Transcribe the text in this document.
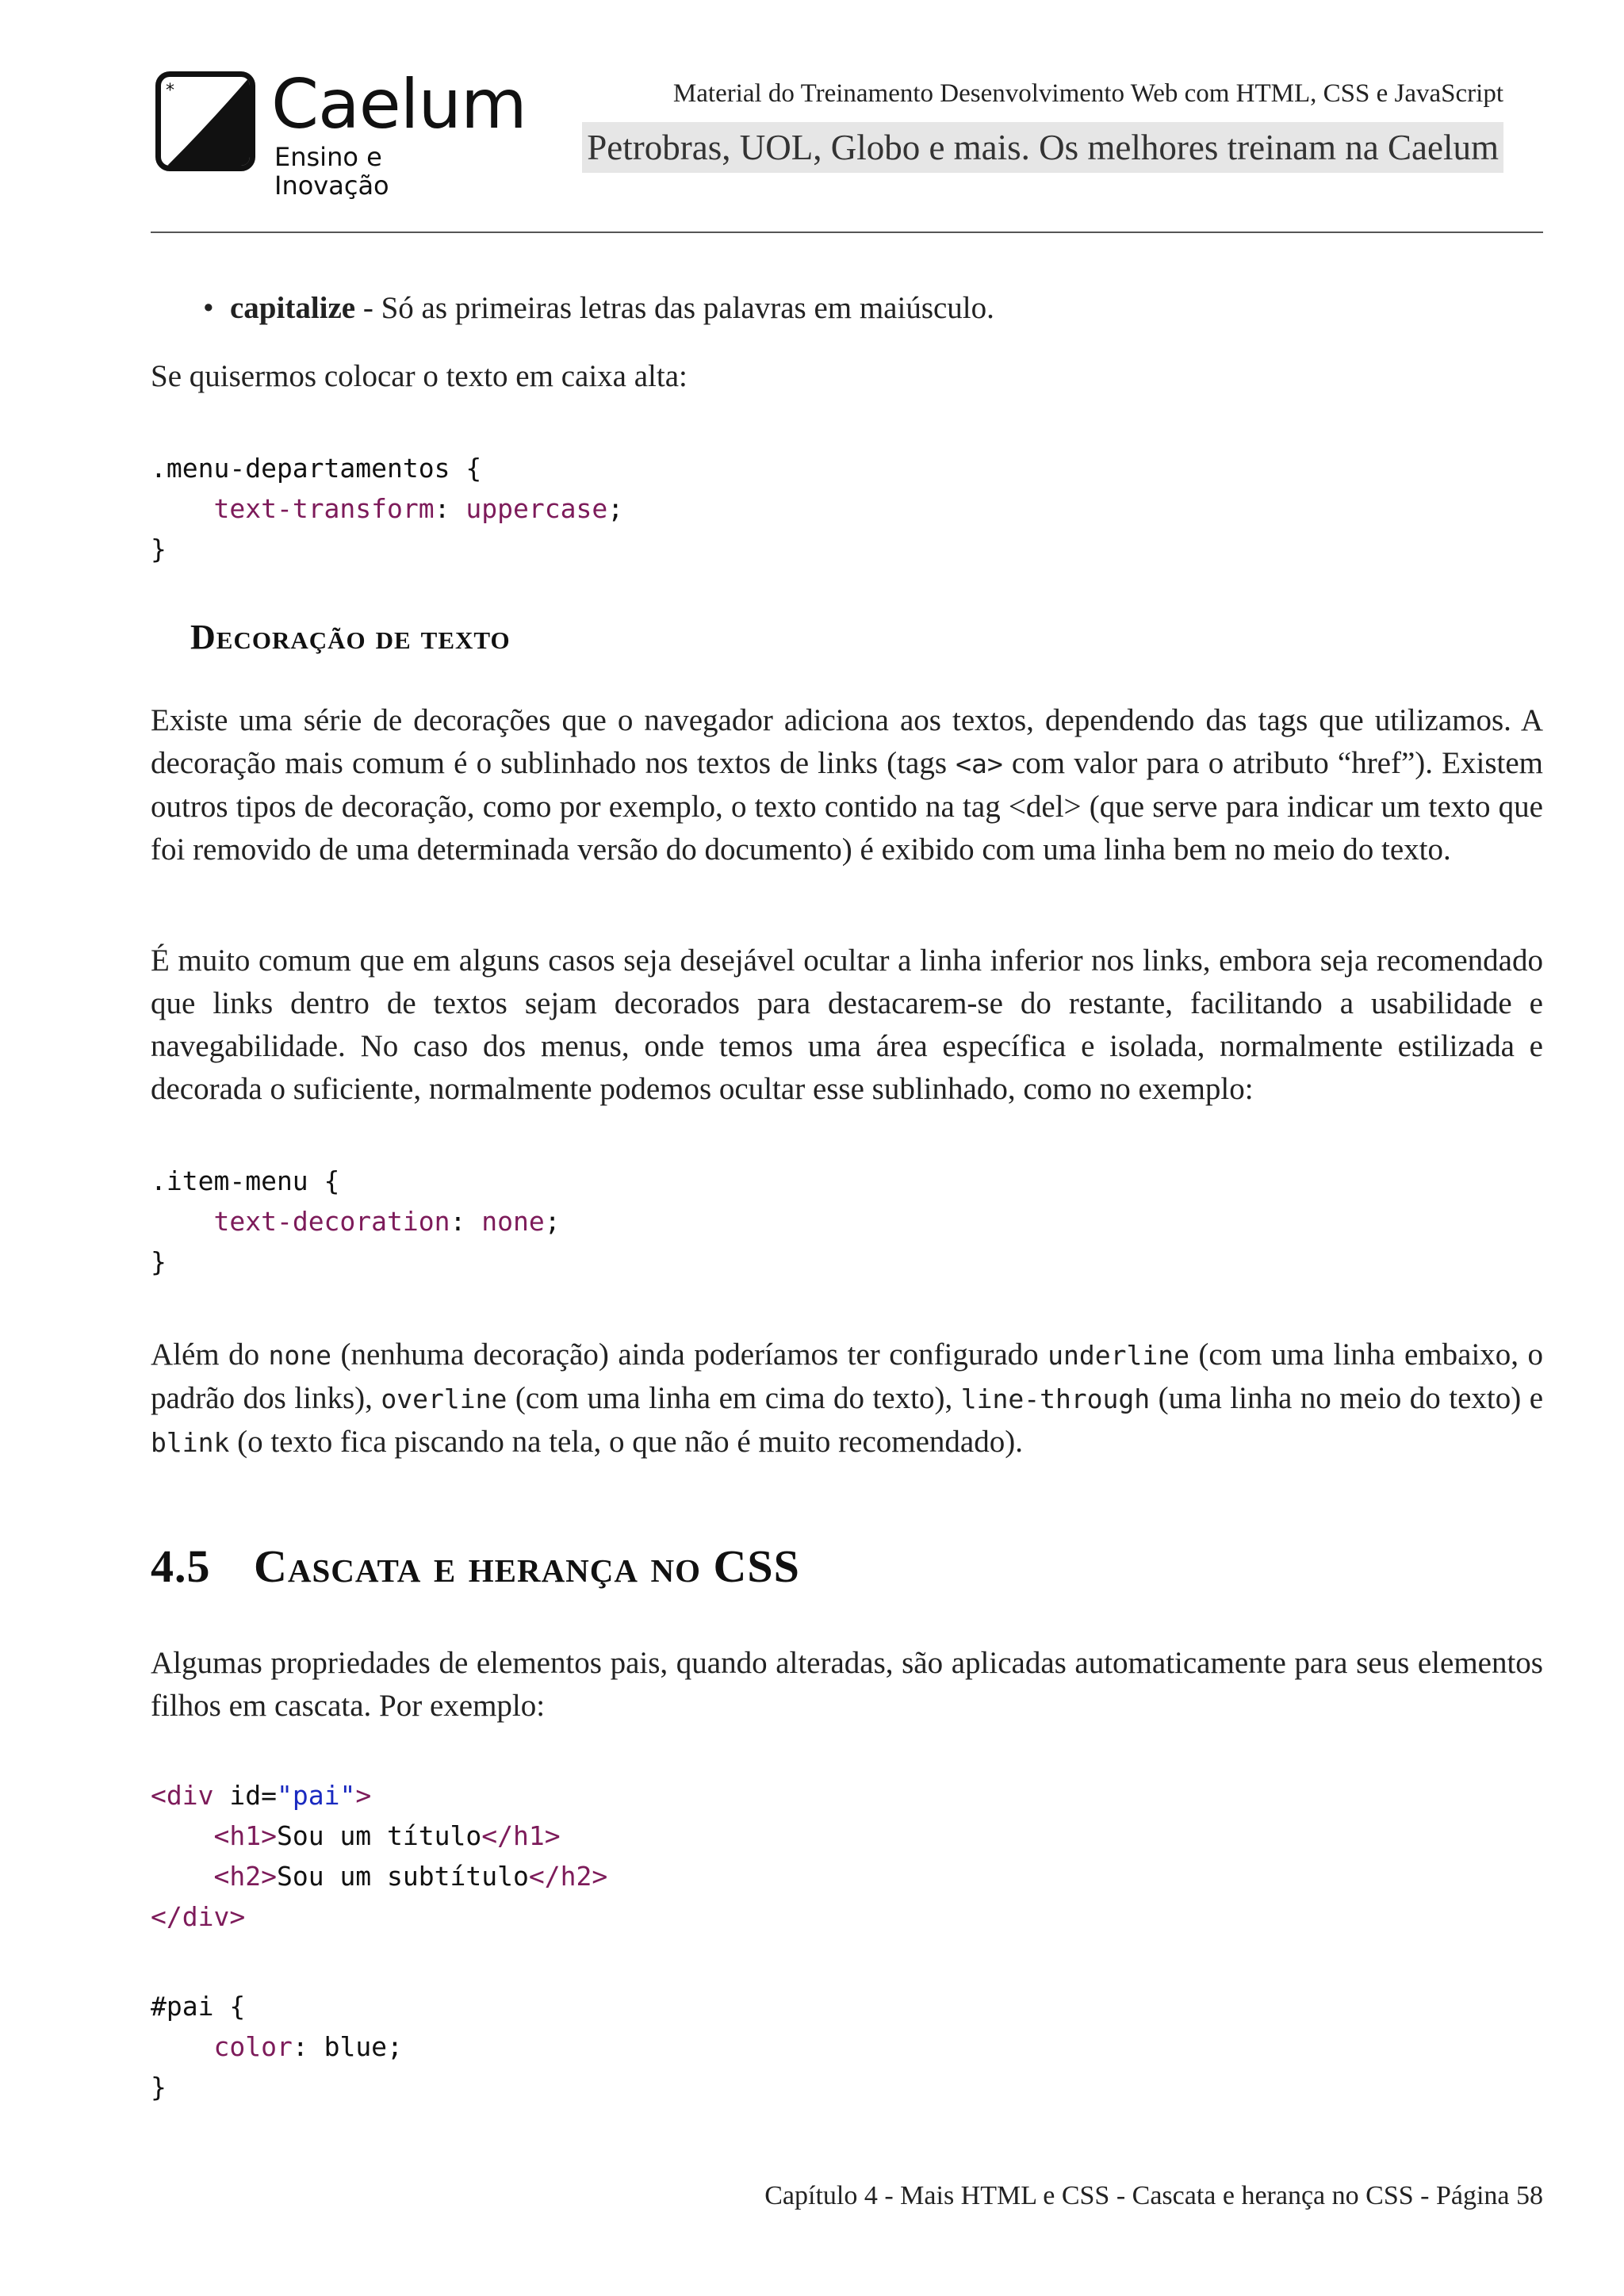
* Caelum
Ensino e Inovação
Material do Treinamento Desenvolvimento Web com HTML, CSS e JavaScript
Petrobras, UOL, Globo e mais. Os melhores treinam na Caelum
• capitalize - Só as primeiras letras das palavras em maiúsculo.

Se quisermos colocar o texto em caixa alta:

.menu-departamentos {
text-transform: uppercase;
}
Decoração de texto

Existe uma série de decorações que o navegador adiciona aos textos, dependendo das tags que utilizamos. A decoração mais comum é o sublinhado nos textos de links (tags <a> com valor para o atributo “href”). Existem outros tipos de decoração, como por exemplo, o texto contido na tag <del> (que serve para indicar um texto que foi removido de uma determinada versão do documento) é exibido com uma linha bem no meio do texto.

É muito comum que em alguns casos seja desejável ocultar a linha inferior nos links, embora seja recomendado que links dentro de textos sejam decorados para destacarem-se do restante, facilitando a usabilidade e navegabilidade. No caso dos menus, onde temos uma área específica e isolada, normalmente estilizada e decorada o suficiente, normalmente podemos ocultar esse sublinhado, como no exemplo:

.item-menu {
text-decoration: none;
}

Além do none (nenhuma decoração) ainda poderíamos ter configurado underline (com uma linha embaixo, o padrão dos links), overline (com uma linha em cima do texto), line-through (uma linha no meio do texto) e blink (o texto fica piscando na tela, o que não é muito recomendado).

4.5 Cascata e herança no CSS

Algumas propriedades de elementos pais, quando alteradas, são aplicadas automaticamente para seus elementos filhos em cascata. Por exemplo:

<div id="pai">
<h1>Sou um título</h1>
<h2>Sou um subtítulo</h2>
</div>
#pai {
color: blue;
}
Capítulo 4 - Mais HTML e CSS - Cascata e herança no CSS - Página 58
